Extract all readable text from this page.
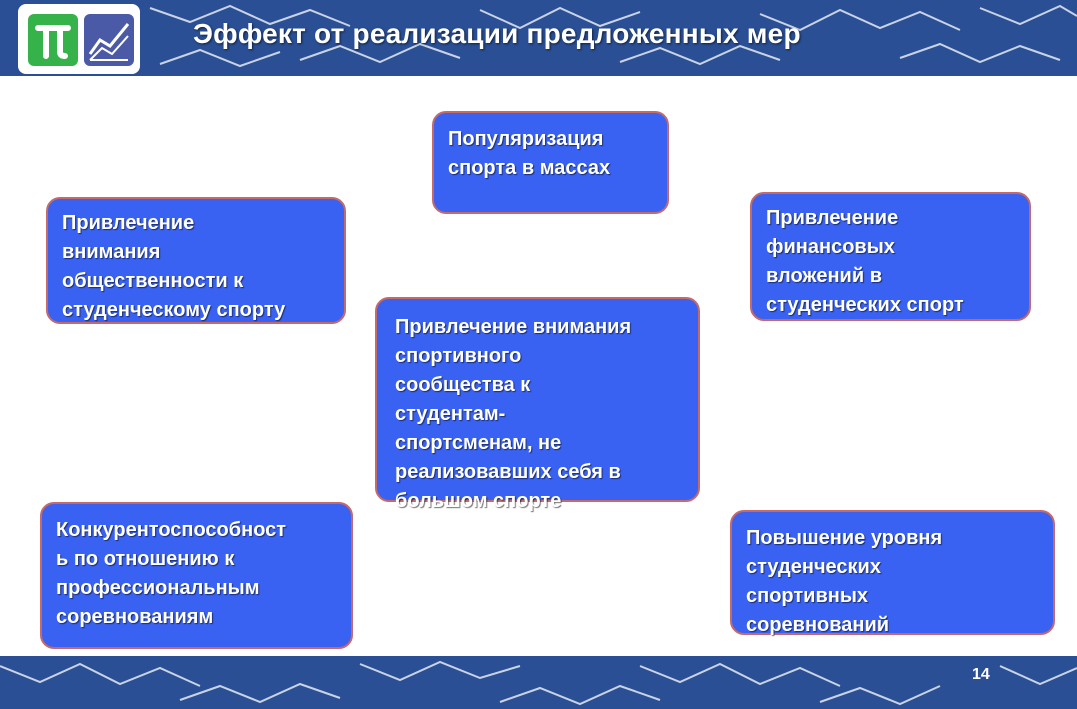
Эффект от реализации предложенных мер
Популяризация
спорта в массах
Привлечение
внимания
общественности к
студенческому спорту
Привлечение
финансовых
вложений в
студенческих спорт
Привлечение внимания
спортивного
сообщества к
студентам-
спортсменам, не
реализовавших себя в
большом спорте
Конкурентоспособност
ь по отношению к
профессиональным
соревнованиям
Повышение уровня
студенческих
спортивных
соревнований
14
